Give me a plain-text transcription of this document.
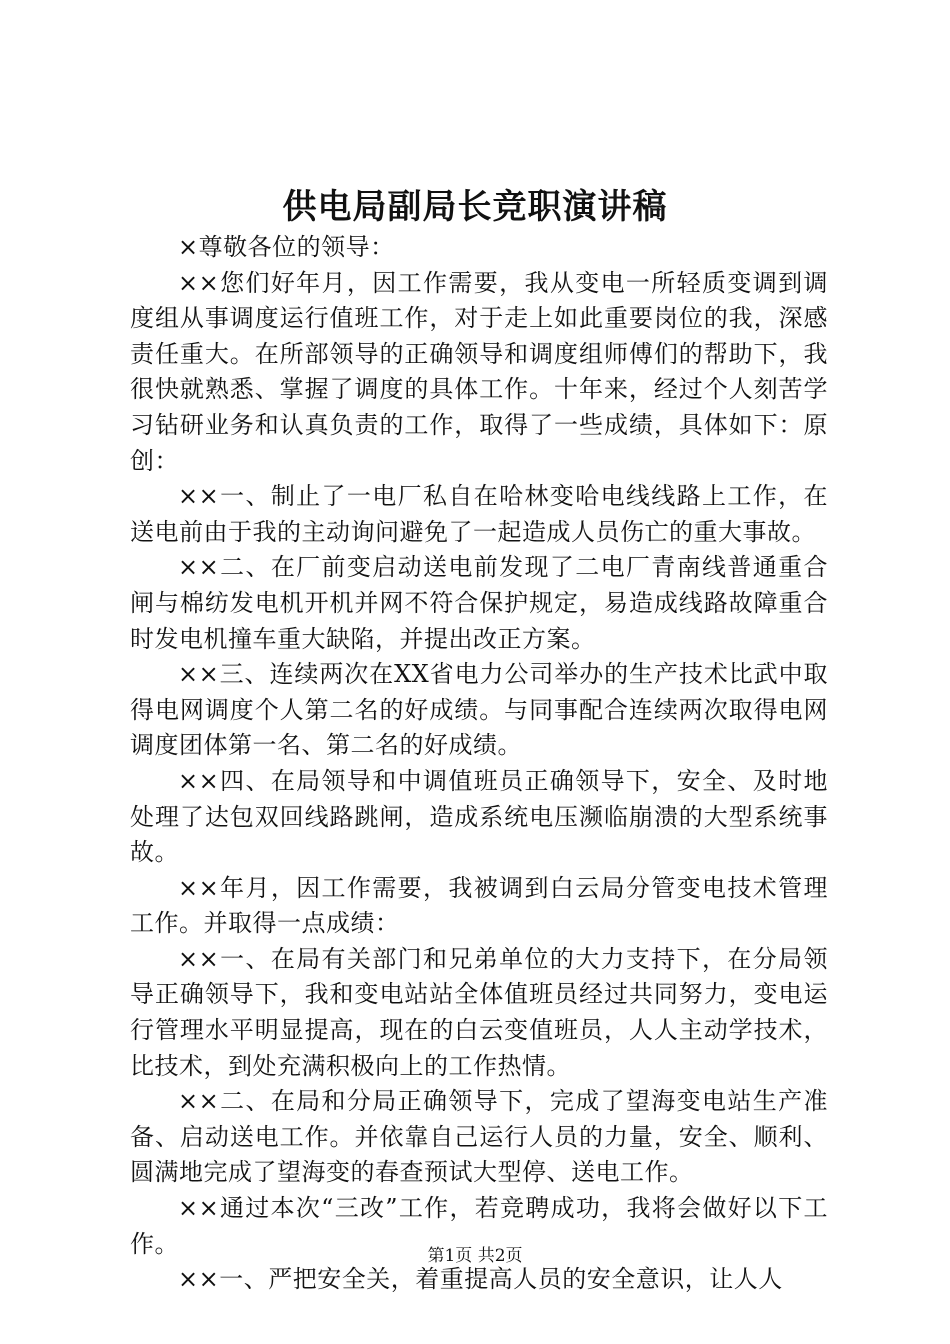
供电局副局长竞职演讲稿

×尊敬各位的领导：

××您们好年月，因工作需要，我从变电一所轻质变调到调度组从事调度运行值班工作，对于走上如此重要岗位的我，深感责任重大。在所部领导的正确领导和调度组师傅们的帮助下，我很快就熟悉、掌握了调度的具体工作。十年来，经过个人刻苦学习钻研业务和认真负责的工作，取得了一些成绩，具体如下：原创：

××一、制止了一电厂私自在哈林变哈电线线路上工作，在送电前由于我的主动询问避免了一起造成人员伤亡的重大事故。

××二、在厂前变启动送电前发现了二电厂青南线普通重合闸与棉纺发电机开机并网不符合保护规定，易造成线路故障重合时发电机撞车重大缺陷，并提出改正方案。

××三、连续两次在XX省电力公司举办的生产技术比武中取得电网调度个人第二名的好成绩。与同事配合连续两次取得电网调度团体第一名、第二名的好成绩。

××四、在局领导和中调值班员正确领导下，安全、及时地处理了达包双回线路跳闸，造成系统电压濒临崩溃的大型系统事故。

××年月，因工作需要，我被调到白云局分管变电技术管理工作。并取得一点成绩：

××一、在局有关部门和兄弟单位的大力支持下，在分局领导正确领导下，我和变电站站全体值班员经过共同努力，变电运行管理水平明显提高，现在的白云变值班员，人人主动学技术，比技术，到处充满积极向上的工作热情。

××二、在局和分局正确领导下，完成了望海变电站生产准备、启动送电工作。并依靠自己运行人员的力量，安全、顺利、圆满地完成了望海变的春查预试大型停、送电工作。

××通过本次“三改”工作，若竞聘成功，我将会做好以下工作。

××一、严把安全关，着重提高人员的安全意识，让人人

第1页 共2页
